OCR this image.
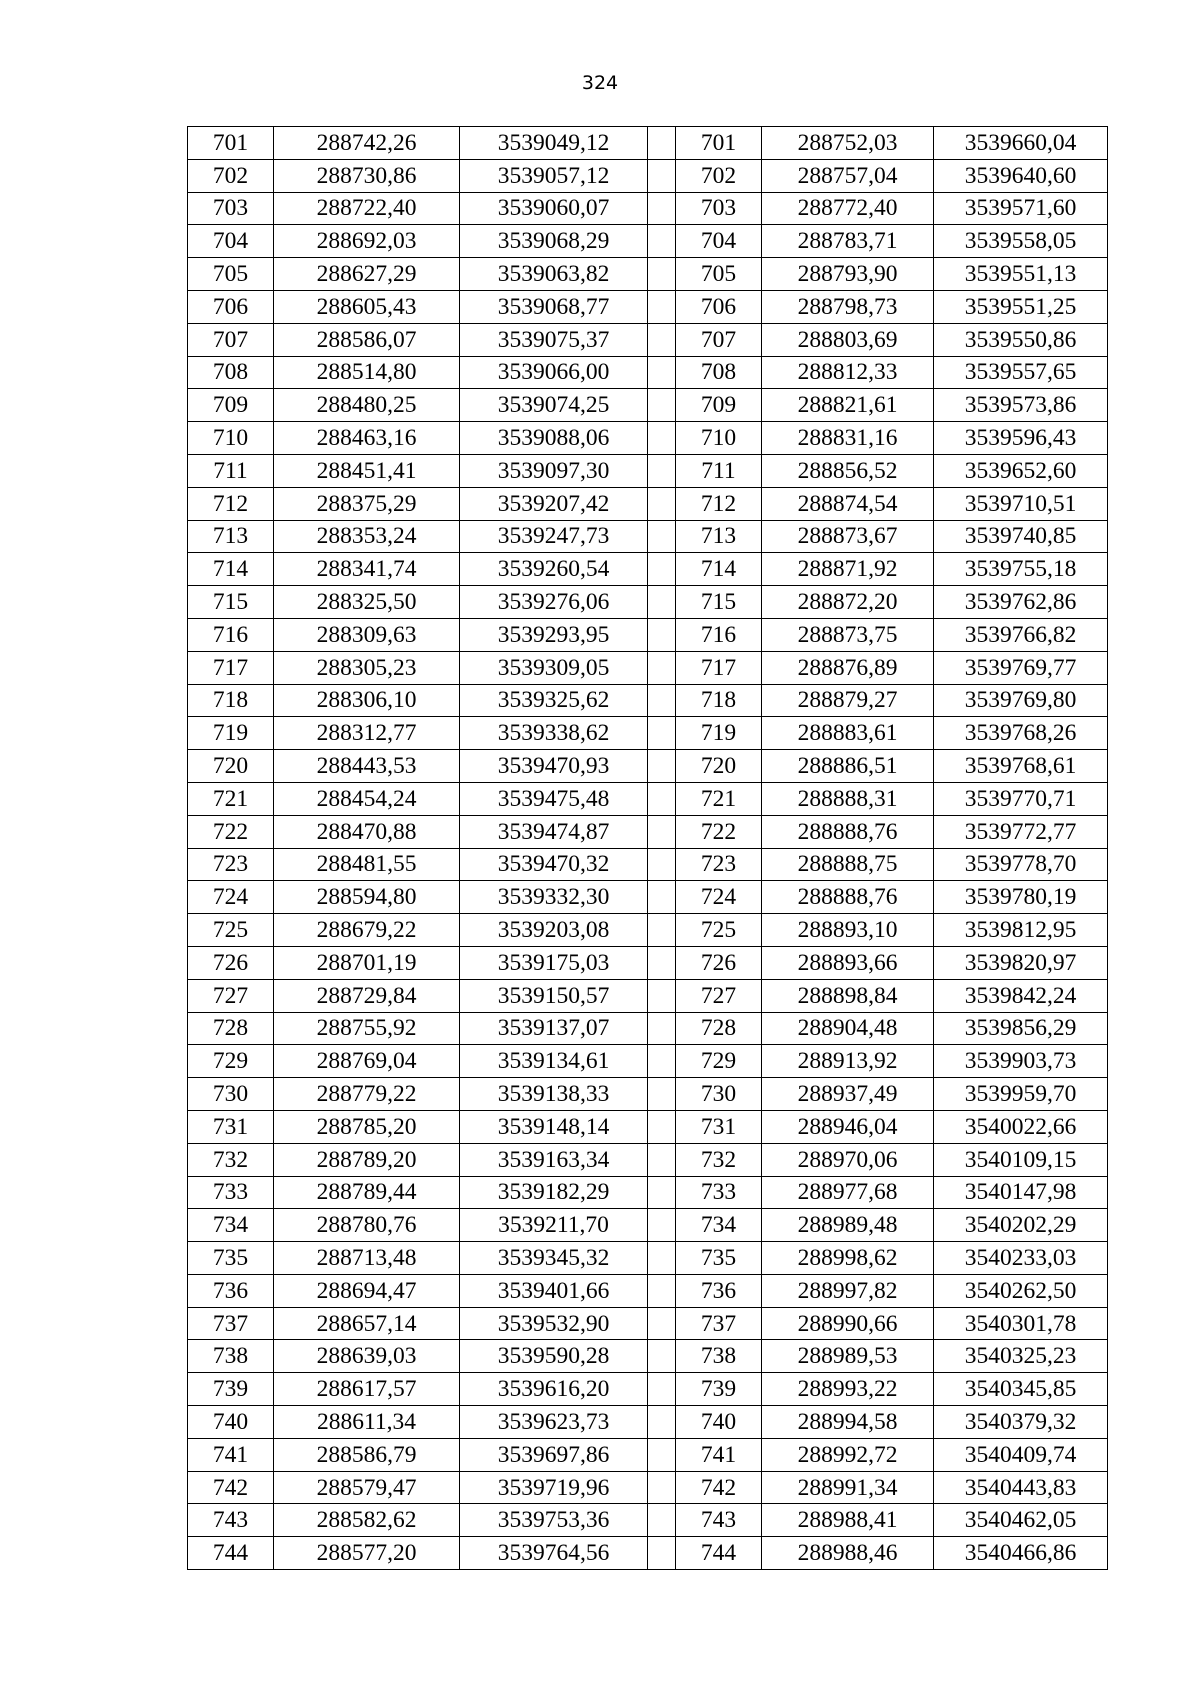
324
701	288742,26	3539049,12		701	288752,03	3539660,04
702	288730,86	3539057,12		702	288757,04	3539640,60
703	288722,40	3539060,07		703	288772,40	3539571,60
704	288692,03	3539068,29		704	288783,71	3539558,05
705	288627,29	3539063,82		705	288793,90	3539551,13
706	288605,43	3539068,77		706	288798,73	3539551,25
707	288586,07	3539075,37		707	288803,69	3539550,86
708	288514,80	3539066,00		708	288812,33	3539557,65
709	288480,25	3539074,25		709	288821,61	3539573,86
710	288463,16	3539088,06		710	288831,16	3539596,43
711	288451,41	3539097,30		711	288856,52	3539652,60
712	288375,29	3539207,42		712	288874,54	3539710,51
713	288353,24	3539247,73		713	288873,67	3539740,85
714	288341,74	3539260,54		714	288871,92	3539755,18
715	288325,50	3539276,06		715	288872,20	3539762,86
716	288309,63	3539293,95		716	288873,75	3539766,82
717	288305,23	3539309,05		717	288876,89	3539769,77
718	288306,10	3539325,62		718	288879,27	3539769,80
719	288312,77	3539338,62		719	288883,61	3539768,26
720	288443,53	3539470,93		720	288886,51	3539768,61
721	288454,24	3539475,48		721	288888,31	3539770,71
722	288470,88	3539474,87		722	288888,76	3539772,77
723	288481,55	3539470,32		723	288888,75	3539778,70
724	288594,80	3539332,30		724	288888,76	3539780,19
725	288679,22	3539203,08		725	288893,10	3539812,95
726	288701,19	3539175,03		726	288893,66	3539820,97
727	288729,84	3539150,57		727	288898,84	3539842,24
728	288755,92	3539137,07		728	288904,48	3539856,29
729	288769,04	3539134,61		729	288913,92	3539903,73
730	288779,22	3539138,33		730	288937,49	3539959,70
731	288785,20	3539148,14		731	288946,04	3540022,66
732	288789,20	3539163,34		732	288970,06	3540109,15
733	288789,44	3539182,29		733	288977,68	3540147,98
734	288780,76	3539211,70		734	288989,48	3540202,29
735	288713,48	3539345,32		735	288998,62	3540233,03
736	288694,47	3539401,66		736	288997,82	3540262,50
737	288657,14	3539532,90		737	288990,66	3540301,78
738	288639,03	3539590,28		738	288989,53	3540325,23
739	288617,57	3539616,20		739	288993,22	3540345,85
740	288611,34	3539623,73		740	288994,58	3540379,32
741	288586,79	3539697,86		741	288992,72	3540409,74
742	288579,47	3539719,96		742	288991,34	3540443,83
743	288582,62	3539753,36		743	288988,41	3540462,05
744	288577,20	3539764,56		744	288988,46	3540466,86
